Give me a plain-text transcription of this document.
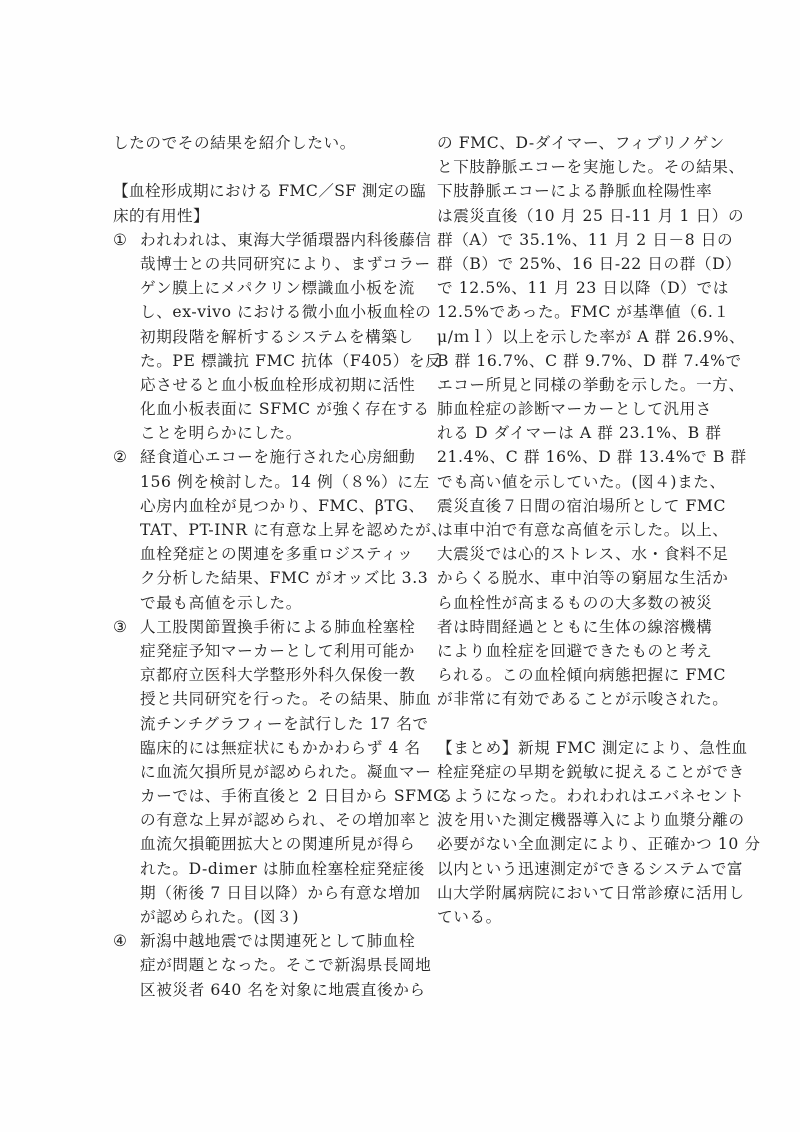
したのでその結果を紹介したい。
【血栓形成期における FMC／SF 測定の臨
床的有用性】
① われわれは、東海大学循環器内科後藤信
哉博士との共同研究により、まずコラー
ゲン膜上にメパクリン標識血小板を流
し、ex-vivo における微小血小板血栓の
初期段階を解析するシステムを構築し
た。PE 標識抗 FMC 抗体（F405）を反
応させると血小板血栓形成初期に活性
化血小板表面に SFMC が強く存在する
ことを明らかにした。
② 経食道心エコーを施行された心房細動
156 例を検討した。14 例（８%）に左
心房内血栓が見つかり、FMC、βTG、
TAT、PT-INR に有意な上昇を認めたが、
血栓発症との関連を多重ロジスティッ
ク分析した結果、FMC がオッズ比 3.3
で最も高値を示した。
③ 人工股関節置換手術による肺血栓塞栓
症発症予知マーカーとして利用可能か
京都府立医科大学整形外科久保俊一教
授と共同研究を行った。その結果、肺血
流チンチグラフィーを試行した 17 名で
臨床的には無症状にもかかわらず 4 名
に血流欠損所見が認められた。凝血マー
カーでは、手術直後と 2 日目から SFMC
の有意な上昇が認められ、その増加率と
血流欠損範囲拡大との関連所見が得ら
れた。D-dimer は肺血栓塞栓症発症後
期（術後 7 日目以降）から有意な増加
が認められた。(図３)
④ 新潟中越地震では関連死として肺血栓
症が問題となった。そこで新潟県長岡地
区被災者 640 名を対象に地震直後から
の FMC、D-ダイマー、フィブリノゲン
と下肢静脈エコーを実施した。その結果、
下肢静脈エコーによる静脈血栓陽性率
は震災直後（10 月 25 日-11 月 1 日）の
群（A）で 35.1%、11 月 2 日－8 日の
群（B）で 25%、16 日-22 日の群（D）
で 12.5%、11 月 23 日以降（D）では
12.5%であった。FMC が基準値（6.１
μ/ｍｌ）以上を示した率が A 群 26.9%、
B 群 16.7%、C 群 9.7%、D 群 7.4%で
エコー所見と同様の挙動を示した。一方、
肺血栓症の診断マーカーとして汎用さ
れる D ダイマーは A 群 23.1%、B 群
21.4%、C 群 16%、D 群 13.4%で B 群
でも高い値を示していた。(図４)また、
震災直後７日間の宿泊場所として FMC
は車中泊で有意な高値を示した。以上、
大震災では心的ストレス、水・食料不足
からくる脱水、車中泊等の窮屈な生活か
ら血栓性が高まるものの大多数の被災
者は時間経過とともに生体の線溶機構
により血栓症を回避できたものと考え
られる。この血栓傾向病態把握に FMC
が非常に有効であることが示唆された。
【まとめ】新規 FMC 測定により、急性血
栓症発症の早期を鋭敏に捉えることができ
るようになった。われわれはエバネセント
波を用いた測定機器導入により血漿分離の
必要がない全血測定により、正確かつ 10 分
以内という迅速測定ができるシステムで富
山大学附属病院において日常診療に活用し
ている。
